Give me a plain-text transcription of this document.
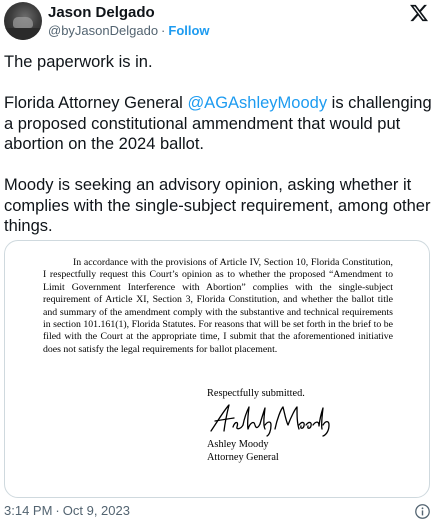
Jason Delgado
@byJasonDelgado · Follow

The paperwork is in.

Florida Attorney General @AGAshleyMoody is challenging a proposed constitutional ammendment that would put abortion on the 2024 ballot.

Moody is seeking an advisory opinion, asking whether it complies with the single-subject requirement, among other things.

In accordance with the provisions of Article IV, Section 10, Florida Constitution, I respectfully request this Court’s opinion as to whether the proposed “Amendment to Limit Government Interference with Abortion” complies with the single-subject requirement of Article XI, Section 3, Florida Constitution, and whether the ballot title and summary of the amendment comply with the substantive and technical requirements in section 101.161(1), Florida Statutes. For reasons that will be set forth in the brief to be filed with the Court at the appropriate time, I submit that the aforementioned initiative does not satisfy the legal requirements for ballot placement.
Respectfully submitted.
Ashley Moody
Attorney General
3:14 PM · Oct 9, 2023
